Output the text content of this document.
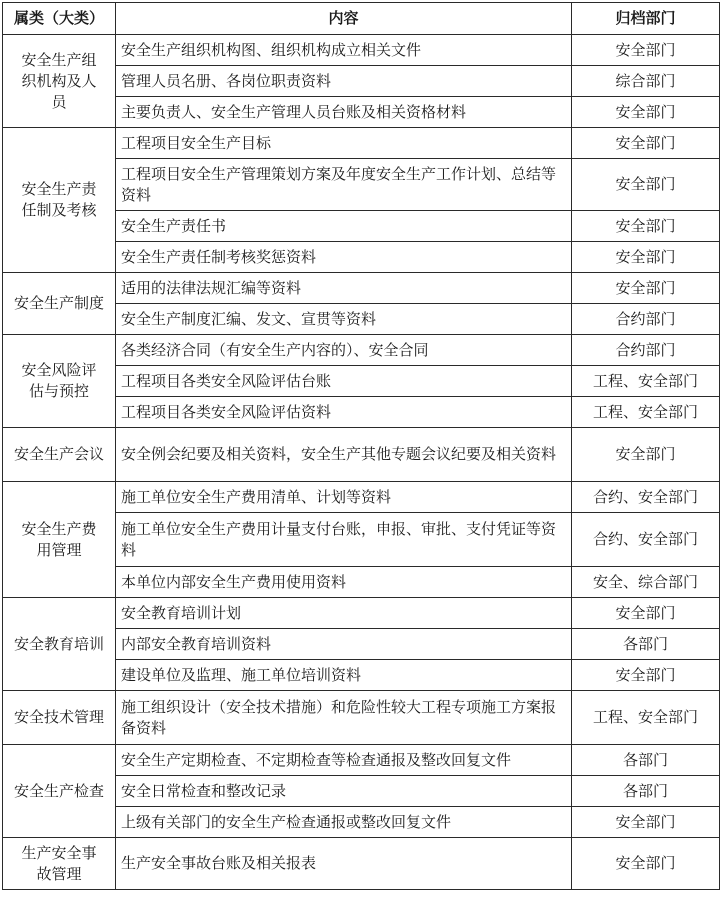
属类（大类）	内容	归档部门

安全生产组织机构及人员	安全生产组织机构图、组织机构成立相关文件	安全部门
	管理人员名册、各岗位职责资料	综合部门
	主要负责人、安全生产管理人员台账及相关资格材料	安全部门

安全生产责任制及考核	工程项目安全生产目标	安全部门
	工程项目安全生产管理策划方案及年度安全生产工作计划、总结等资料	安全部门
	安全生产责任书	安全部门
	安全生产责任制考核奖惩资料	安全部门

安全生产制度	适用的法律法规汇编等资料	安全部门
	安全生产制度汇编、发文、宣贯等资料	合约部门

安全风险评估与预控	各类经济合同（有安全生产内容的）、安全合同	合约部门
	工程项目各类安全风险评估台账	工程、安全部门
	工程项目各类安全风险评估资料	工程、安全部门

安全生产会议	安全例会纪要及相关资料，安全生产其他专题会议纪要及相关资料	安全部门

安全生产费用管理	施工单位安全生产费用清单、计划等资料	合约、安全部门
	施工单位安全生产费用计量支付台账，申报、审批、支付凭证等资料	合约、安全部门
	本单位内部安全生产费用使用资料	安全、综合部门

安全教育培训	安全教育培训计划	安全部门
	内部安全教育培训资料	各部门
	建设单位及监理、施工单位培训资料	安全部门

安全技术管理	施工组织设计（安全技术措施）和危险性较大工程专项施工方案报备资料	工程、安全部门

安全生产检查	安全生产定期检查、不定期检查等检查通报及整改回复文件	各部门
	安全日常检查和整改记录	各部门
	上级有关部门的安全生产检查通报或整改回复文件	安全部门

生产安全事故管理	生产安全事故台账及相关报表	安全部门
